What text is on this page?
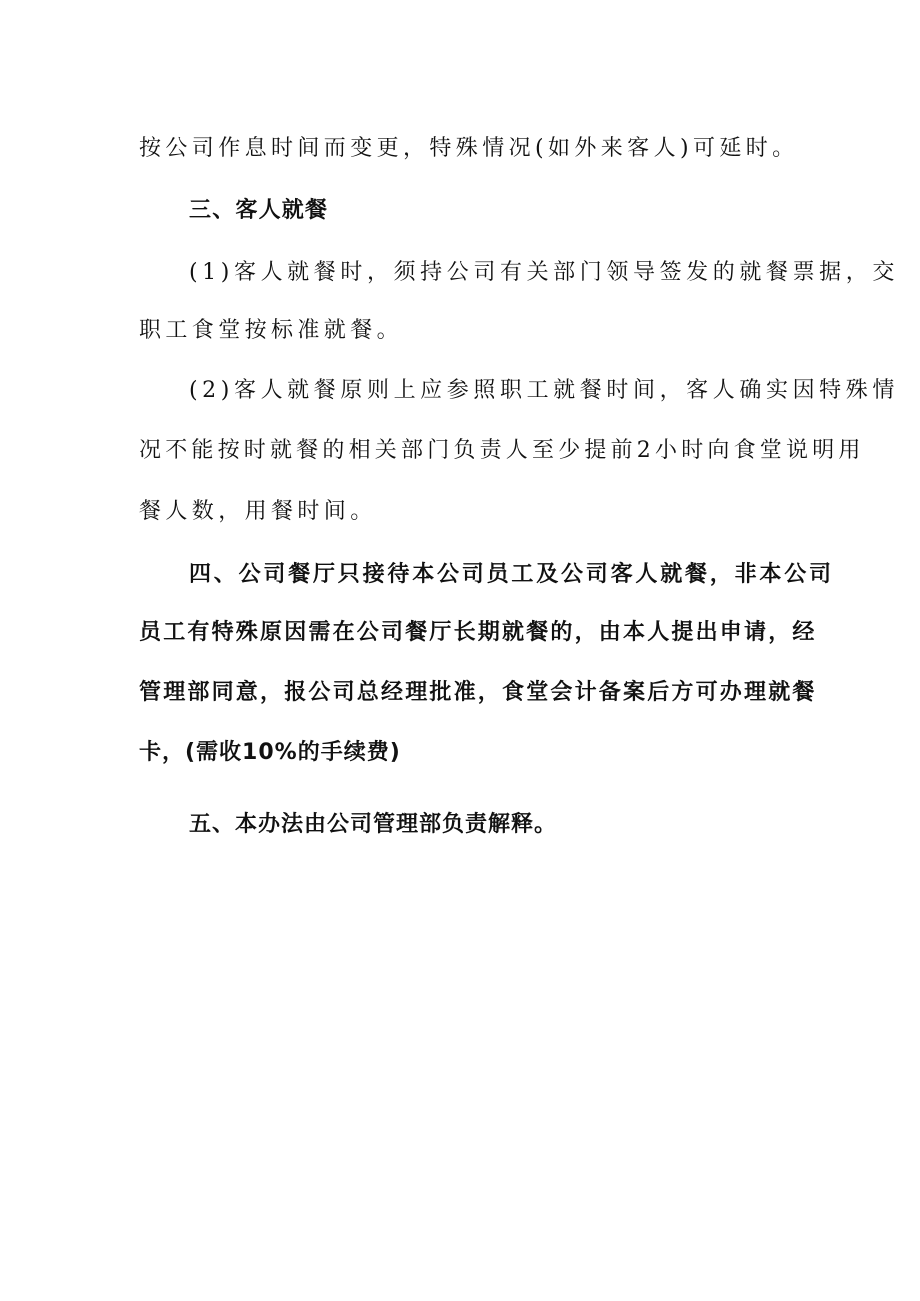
按公司作息时间而变更，特殊情况(如外来客人)可延时。
三、客人就餐
(1)客人就餐时，须持公司有关部门领导签发的就餐票据，交
职工食堂按标准就餐。
(2)客人就餐原则上应参照职工就餐时间，客人确实因特殊情
况不能按时就餐的相关部门负责人至少提前2小时向食堂说明用
餐人数，用餐时间。
四、公司餐厅只接待本公司员工及公司客人就餐，非本公司
员工有特殊原因需在公司餐厅长期就餐的，由本人提出申请，经
管理部同意，报公司总经理批准，食堂会计备案后方可办理就餐
卡，(需收10%的手续费)
五、本办法由公司管理部负责解释。
